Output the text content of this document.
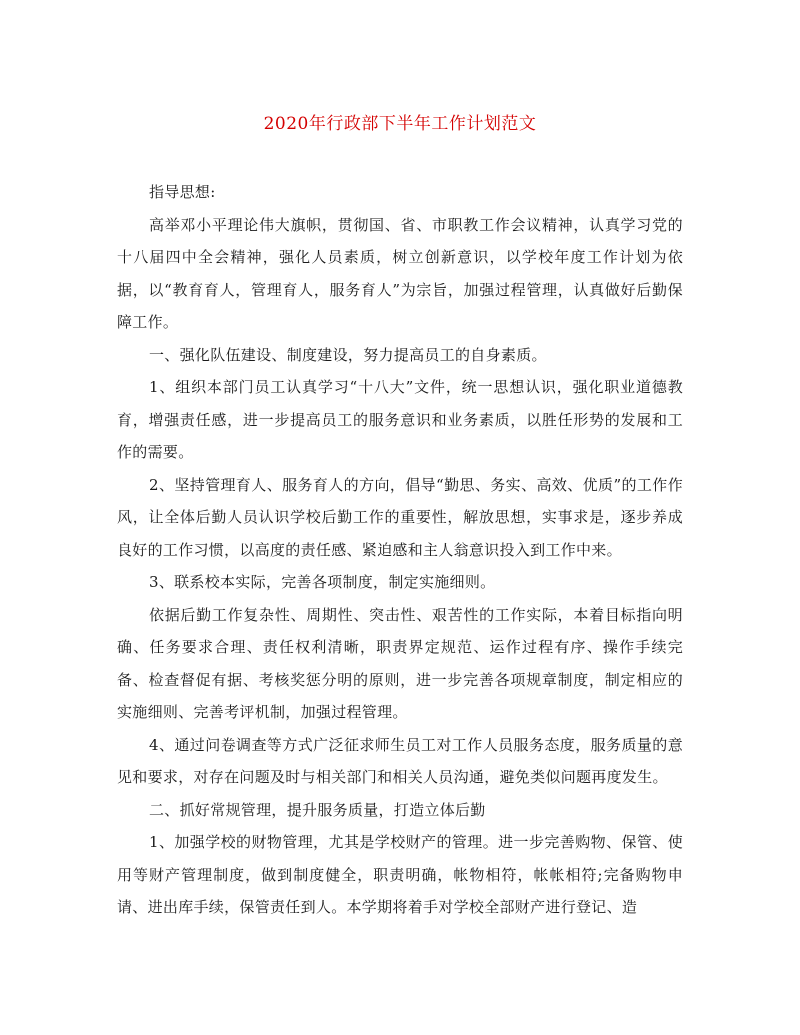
2020年行政部下半年工作计划范文

指导思想:

高举邓小平理论伟大旗帜，贯彻国、省、市职教工作会议精神，认真学习党的十八届四中全会精神，强化人员素质，树立创新意识，以学校年度工作计划为依据，以“教育育人，管理育人，服务育人”为宗旨，加强过程管理，认真做好后勤保障工作。

一、强化队伍建设、制度建设，努力提高员工的自身素质。

1、组织本部门员工认真学习“十八大”文件，统一思想认识，强化职业道德教育，增强责任感，进一步提高员工的服务意识和业务素质，以胜任形势的发展和工作的需要。

2、坚持管理育人、服务育人的方向，倡导“勤思、务实、高效、优质”的工作作风，让全体后勤人员认识学校后勤工作的重要性，解放思想，实事求是，逐步养成良好的工作习惯，以高度的责任感、紧迫感和主人翁意识投入到工作中来。

3、联系校本实际，完善各项制度，制定实施细则。

依据后勤工作复杂性、周期性、突击性、艰苦性的工作实际，本着目标指向明确、任务要求合理、责任权利清晰，职责界定规范、运作过程有序、操作手续完备、检查督促有据、考核奖惩分明的原则，进一步完善各项规章制度，制定相应的实施细则、完善考评机制，加强过程管理。

4、通过问卷调查等方式广泛征求师生员工对工作人员服务态度，服务质量的意见和要求，对存在问题及时与相关部门和相关人员沟通，避免类似问题再度发生。

二、抓好常规管理，提升服务质量，打造立体后勤

1、加强学校的财物管理，尤其是学校财产的管理。进一步完善购物、保管、使用等财产管理制度，做到制度健全，职责明确，帐物相符，帐帐相符;完备购物申请、进出库手续，保管责任到人。本学期将着手对学校全部财产进行登记、造
